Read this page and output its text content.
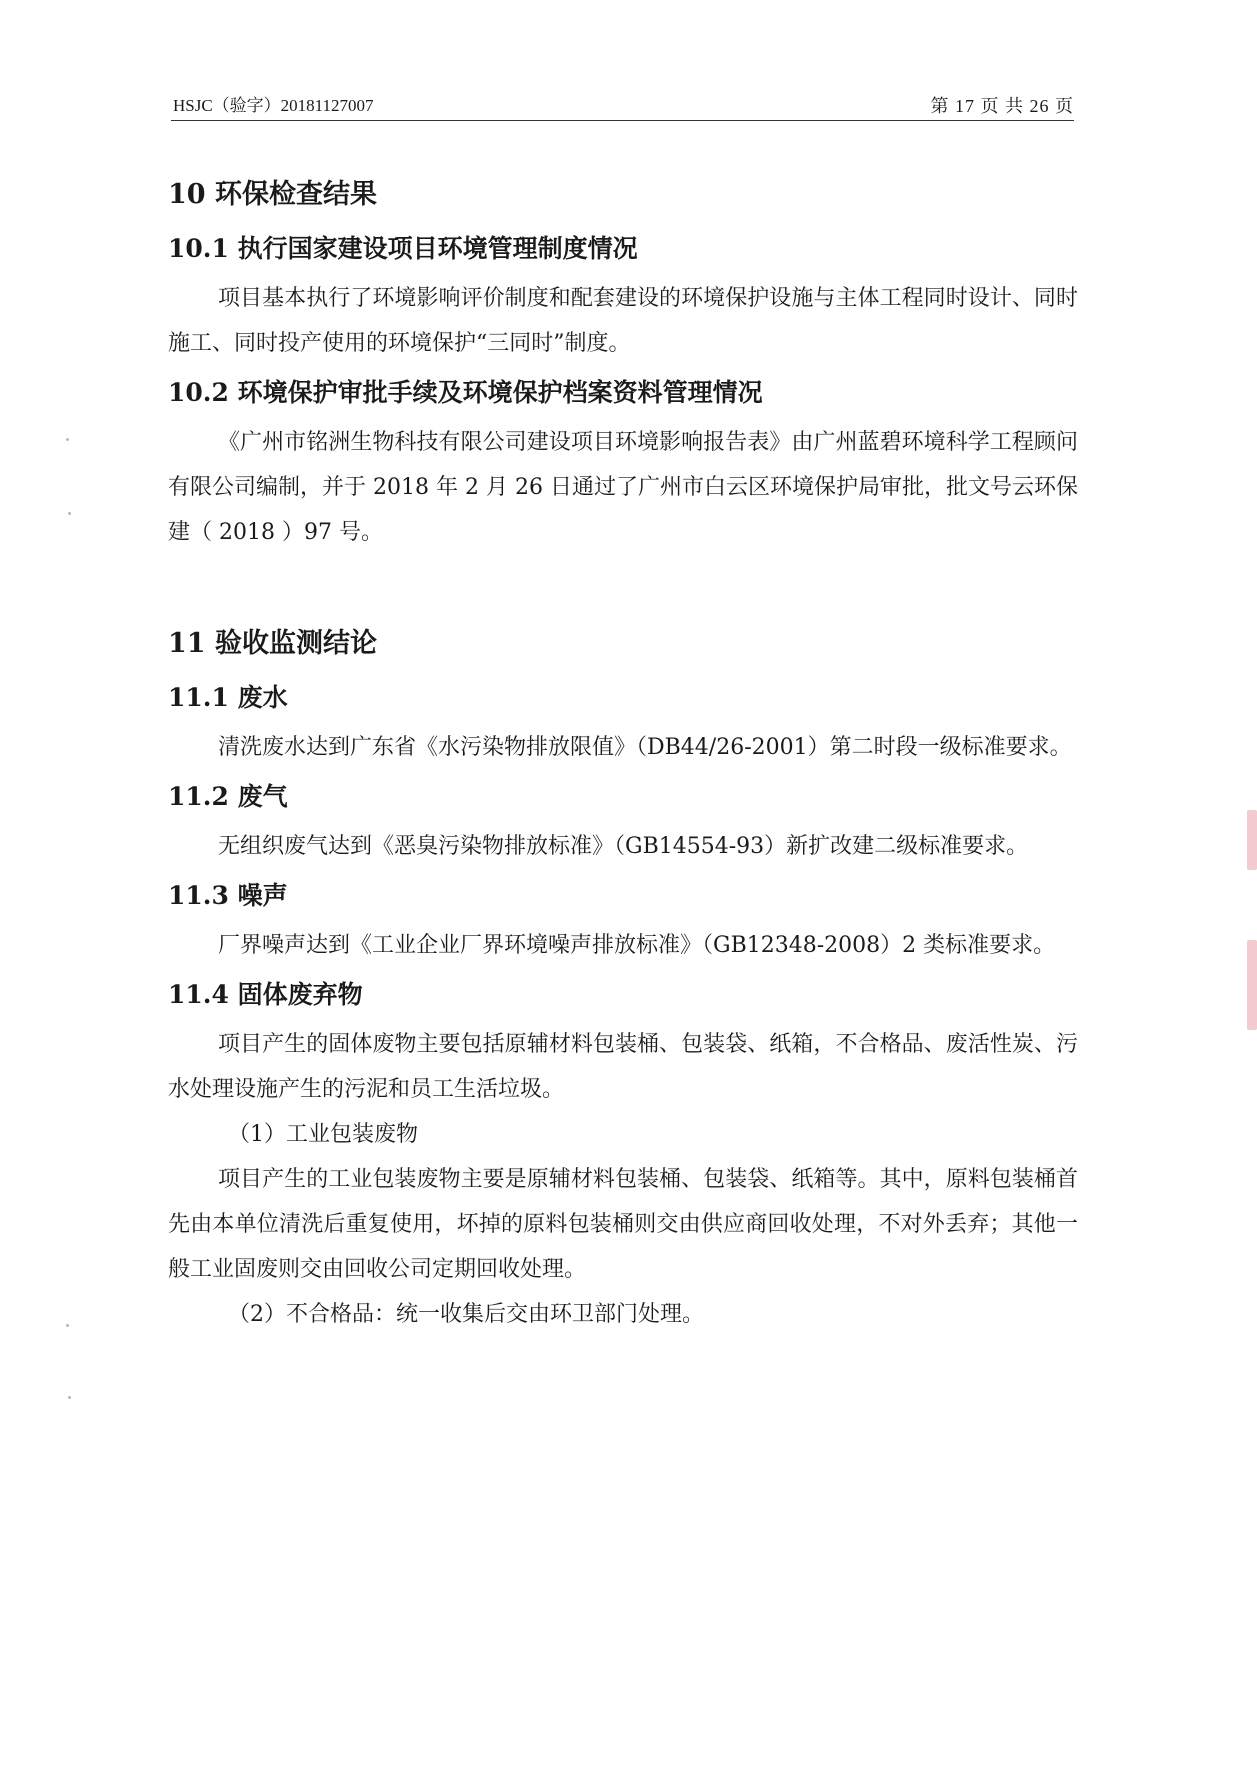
HSJC（验字）20181127007	第 17 页 共 26 页
10 环保检查结果
10.1 执行国家建设项目环境管理制度情况

项目基本执行了环境影响评价制度和配套建设的环境保护设施与主体工程同时设计、同时施工、同时投产使用的环境保护“三同时”制度。

10.2 环境保护审批手续及环境保护档案资料管理情况

《广州市铭洲生物科技有限公司建设项目环境影响报告表》由广州蓝碧环境科学工程顾问有限公司编制，并于 2018 年 2 月 26 日通过了广州市白云区环境保护局审批，批文号云环保建（ 2018 ）97 号。

11 验收监测结论
11.1 废水

清洗废水达到广东省《水污染物排放限值》（DB44/26-2001）第二时段一级标准要求。

11.2 废气

无组织废气达到《恶臭污染物排放标准》（GB14554-93）新扩改建二级标准要求。

11.3 噪声

厂界噪声达到《工业企业厂界环境噪声排放标准》（GB12348-2008）2 类标准要求。

11.4 固体废弃物

项目产生的固体废物主要包括原辅材料包装桶、包装袋、纸箱，不合格品、废活性炭、污水处理设施产生的污泥和员工生活垃圾。

（1）工业包装废物

项目产生的工业包装废物主要是原辅材料包装桶、包装袋、纸箱等。其中，原料包装桶首先由本单位清洗后重复使用，坏掉的原料包装桶则交由供应商回收处理，不对外丢弃；其他一般工业固废则交由回收公司定期回收处理。

（2）不合格品：统一收集后交由环卫部门处理。
